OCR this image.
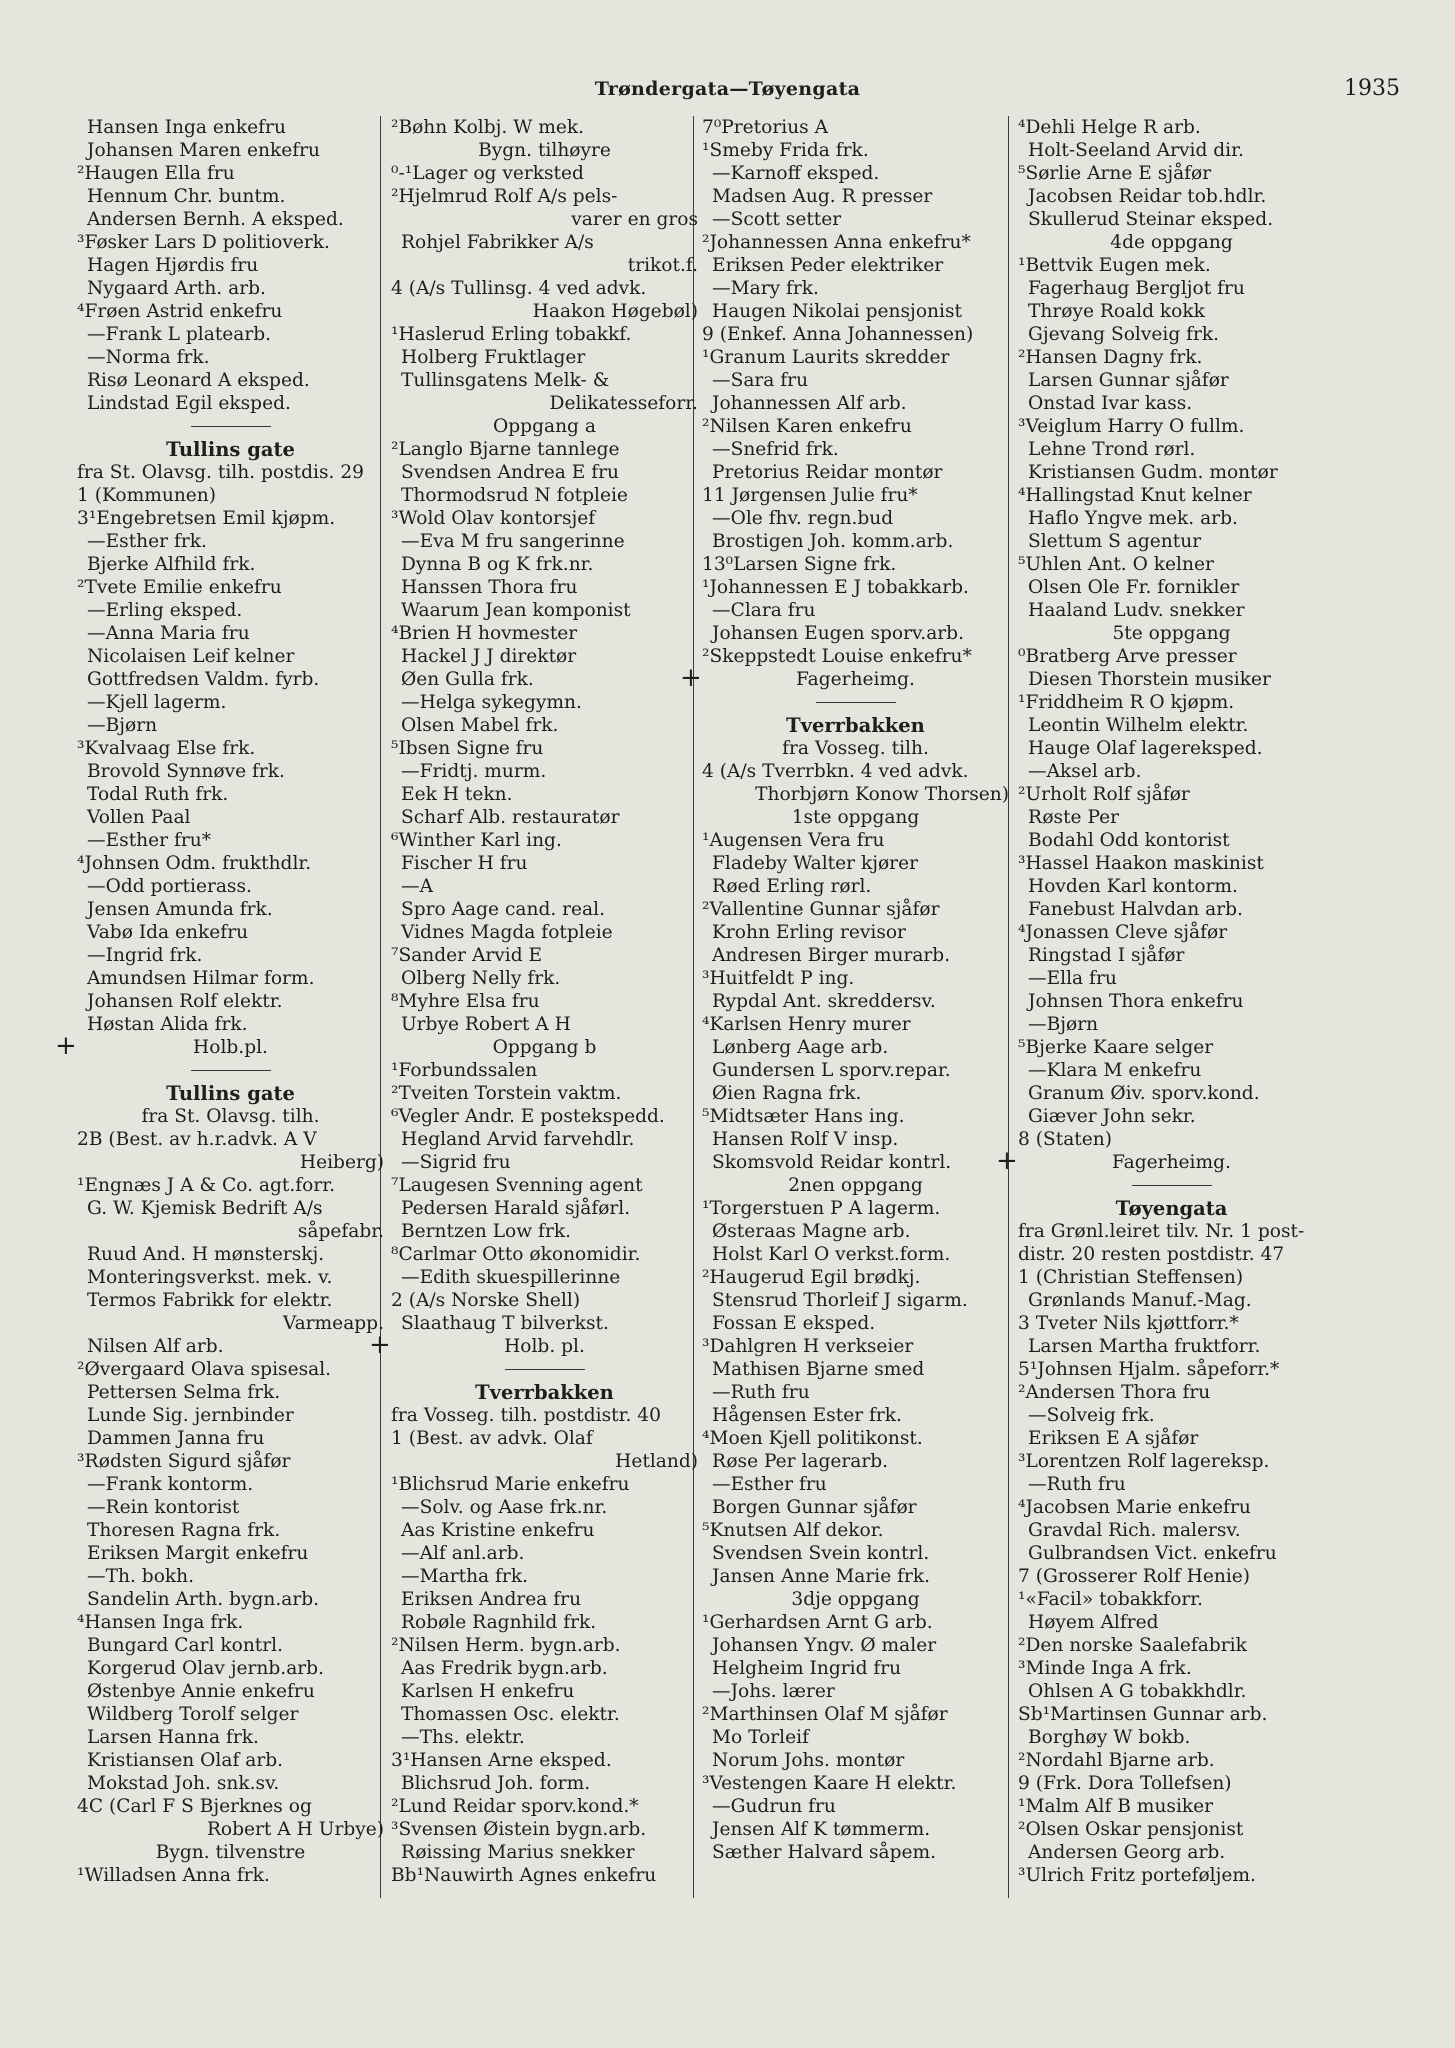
Trøndergata—Tøyengata	1935
Hansen Inga enkefru
Johansen Maren enkefru
²Haugen Ella fru
Hennum Chr. buntm.
Andersen Bernh. A eksped.
³Føsker Lars D politioverk.
Hagen Hjørdis fru
Nygaard Arth. arb.
⁴Frøen Astrid enkefru
—Frank L platearb.
—Norma frk.
Risø Leonard A eksped.
Lindstad Egil eksped.
Tullins gate
fra St. Olavsg. tilh. postdis. 29
1 (Kommunen)
3¹Engebretsen Emil kjøpm.
—Esther frk.
Bjerke Alfhild frk.
²Tvete Emilie enkefru
—Erling eksped.
—Anna Maria fru
Nicolaisen Leif kelner
Gottfredsen Valdm. fyrb.
—Kjell lagerm.
—Bjørn
³Kvalvaag Else frk.
Brovold Synnøve frk.
Todal Ruth frk.
Vollen Paal
—Esther fru*
⁴Johnsen Odm. frukthdlr.
—Odd portierass.
Jensen Amunda frk.
Vabø Ida enkefru
—Ingrid frk.
Amundsen Hilmar form.
Johansen Rolf elektr.
Høstan Alida frk.
+	Holb.pl.
Tullins gate
fra St. Olavsg. tilh.
2B (Best. av h.r.advk. A V
Heiberg)
¹Engnæs J A & Co. agt.forr.
G. W. Kjemisk Bedrift A/s
såpefabr.
Ruud And. H mønsterskj.
Monteringsverkst. mek. v.
Termos Fabrikk for elektr.
Varmeapp.
Nilsen Alf arb.
²Øvergaard Olava spisesal.
Pettersen Selma frk.
Lunde Sig. jernbinder
Dammen Janna fru
³Rødsten Sigurd sjåfør
—Frank kontorm.
—Rein kontorist
Thoresen Ragna frk.
Eriksen Margit enkefru
—Th. bokh.
Sandelin Arth. bygn.arb.
⁴Hansen Inga frk.
Bungard Carl kontrl.
Korgerud Olav jernb.arb.
Østenbye Annie enkefru
Wildberg Torolf selger
Larsen Hanna frk.
Kristiansen Olaf arb.
Mokstad Joh. snk.sv.
4C (Carl F S Bjerknes og
Robert A H Urbye)
Bygn. tilvenstre
¹Willadsen Anna frk.
²Bøhn Kolbj. W mek.
Bygn. tilhøyre
⁰-¹Lager og verksted
²Hjelmrud Rolf A/s pels-
varer en gros
Rohjel Fabrikker A/s
trikot.f.
4 (A/s Tullinsg. 4 ved advk.
Haakon Høgebøl)
¹Haslerud Erling tobakkf.
Holberg Fruktlager
Tullinsgatens Melk- &
Delikatesseforr.
Oppgang a
²Langlo Bjarne tannlege
Svendsen Andrea E fru
Thormodsrud N fotpleie
³Wold Olav kontorsjef
—Eva M fru sangerinne
Dynna B og K frk.nr.
Hanssen Thora fru
Waarum Jean komponist
⁴Brien H hovmester
Hackel J J direktør
Øen Gulla frk.
—Helga sykegymn.
Olsen Mabel frk.
⁵Ibsen Signe fru
—Fridtj. murm.
Eek H tekn.
Scharf Alb. restauratør
⁶Winther Karl ing.
Fischer H fru
—A
Spro Aage cand. real.
Vidnes Magda fotpleie
⁷Sander Arvid E
Olberg Nelly frk.
⁸Myhre Elsa fru
Urbye Robert A H
Oppgang b
¹Forbundssalen
²Tveiten Torstein vaktm.
⁶Vegler Andr. E postekspedd.
Hegland Arvid farvehdlr.
—Sigrid fru
⁷Laugesen Svenning agent
Pedersen Harald sjåførl.
Berntzen Low frk.
⁸Carlmar Otto økonomidir.
—Edith skuespillerinne
2 (A/s Norske Shell)
Slaathaug T bilverkst.
+	Holb. pl.
Tverrbakken
fra Vosseg. tilh. postdistr. 40
1 (Best. av advk. Olaf
Hetland)
¹Blichsrud Marie enkefru
—Solv. og Aase frk.nr.
Aas Kristine enkefru
—Alf anl.arb.
—Martha frk.
Eriksen Andrea fru
Robøle Ragnhild frk.
²Nilsen Herm. bygn.arb.
Aas Fredrik bygn.arb.
Karlsen H enkefru
Thomassen Osc. elektr.
—Ths. elektr.
3¹Hansen Arne eksped.
Blichsrud Joh. form.
²Lund Reidar sporv.kond.*
³Svensen Øistein bygn.arb.
Røissing Marius snekker
Bb¹Nauwirth Agnes enkefru
7⁰Pretorius A
¹Smeby Frida frk.
—Karnoff eksped.
Madsen Aug. R presser
—Scott setter
²Johannessen Anna enkefru*
Eriksen Peder elektriker
—Mary frk.
Haugen Nikolai pensjonist
9 (Enkef. Anna Johannessen)
¹Granum Laurits skredder
—Sara fru
Johannessen Alf arb.
²Nilsen Karen enkefru
—Snefrid frk.
Pretorius Reidar montør
11 Jørgensen Julie fru*
—Ole fhv. regn.bud
Brostigen Joh. komm.arb.
13⁰Larsen Signe frk.
¹Johannessen E J tobakkarb.
—Clara fru
Johansen Eugen sporv.arb.
²Skeppstedt Louise enkefru*
+	Fagerheimg.
Tverrbakken
fra Vosseg. tilh.
4 (A/s Tverrbkn. 4 ved advk.
Thorbjørn Konow Thorsen)
1ste oppgang
¹Augensen Vera fru
Fladeby Walter kjører
Røed Erling rørl.
²Vallentine Gunnar sjåfør
Krohn Erling revisor
Andresen Birger murarb.
³Huitfeldt P ing.
Rypdal Ant. skreddersv.
⁴Karlsen Henry murer
Lønberg Aage arb.
Gundersen L sporv.repar.
Øien Ragna frk.
⁵Midtsæter Hans ing.
Hansen Rolf V insp.
Skomsvold Reidar kontrl.
2nen oppgang
¹Torgerstuen P A lagerm.
Østeraas Magne arb.
Holst Karl O verkst.form.
²Haugerud Egil brødkj.
Stensrud Thorleif J sigarm.
Fossan E eksped.
³Dahlgren H verkseier
Mathisen Bjarne smed
—Ruth fru
Hågensen Ester frk.
⁴Moen Kjell politikonst.
Røse Per lagerarb.
—Esther fru
Borgen Gunnar sjåfør
⁵Knutsen Alf dekor.
Svendsen Svein kontrl.
Jansen Anne Marie frk.
3dje oppgang
¹Gerhardsen Arnt G arb.
Johansen Yngv. Ø maler
Helgheim Ingrid fru
—Johs. lærer
²Marthinsen Olaf M sjåfør
Mo Torleif
Norum Johs. montør
³Vestengen Kaare H elektr.
—Gudrun fru
Jensen Alf K tømmerm.
Sæther Halvard såpem.
⁴Dehli Helge R arb.
Holt-Seeland Arvid dir.
⁵Sørlie Arne E sjåfør
Jacobsen Reidar tob.hdlr.
Skullerud Steinar eksped.
4de oppgang
¹Bettvik Eugen mek.
Fagerhaug Bergljot fru
Thrøye Roald kokk
Gjevang Solveig frk.
²Hansen Dagny frk.
Larsen Gunnar sjåfør
Onstad Ivar kass.
³Veiglum Harry O fullm.
Lehne Trond rørl.
Kristiansen Gudm. montør
⁴Hallingstad Knut kelner
Haflo Yngve mek. arb.
Slettum S agentur
⁵Uhlen Ant. O kelner
Olsen Ole Fr. fornikler
Haaland Ludv. snekker
5te oppgang
⁰Bratberg Arve presser
Diesen Thorstein musiker
¹Friddheim R O kjøpm.
Leontin Wilhelm elektr.
Hauge Olaf lagereksped.
—Aksel arb.
²Urholt Rolf sjåfør
Røste Per
Bodahl Odd kontorist
³Hassel Haakon maskinist
Hovden Karl kontorm.
Fanebust Halvdan arb.
⁴Jonassen Cleve sjåfør
Ringstad I sjåfør
—Ella fru
Johnsen Thora enkefru
—Bjørn
⁵Bjerke Kaare selger
—Klara M enkefru
Granum Øiv. sporv.kond.
Giæver John sekr.
8 (Staten)
+	Fagerheimg.
Tøyengata
fra Grønl.leiret tilv. Nr. 1 post-
distr. 20 resten postdistr. 47
1 (Christian Steffensen)
Grønlands Manuf.-Mag.
3 Tveter Nils kjøttforr.*
Larsen Martha fruktforr.
5¹Johnsen Hjalm. såpeforr.*
²Andersen Thora fru
—Solveig frk.
Eriksen E A sjåfør
³Lorentzen Rolf lagereksp.
—Ruth fru
⁴Jacobsen Marie enkefru
Gravdal Rich. malersv.
Gulbrandsen Vict. enkefru
7 (Grosserer Rolf Henie)
¹«Facil» tobakkforr.
Høyem Alfred
²Den norske Saalefabrik
³Minde Inga A frk.
Ohlsen A G tobakkhdlr.
Sb¹Martinsen Gunnar arb.
Borghøy W bokb.
²Nordahl Bjarne arb.
9 (Frk. Dora Tollefsen)
¹Malm Alf B musiker
²Olsen Oskar pensjonist
Andersen Georg arb.
³Ulrich Fritz porteføljem.
